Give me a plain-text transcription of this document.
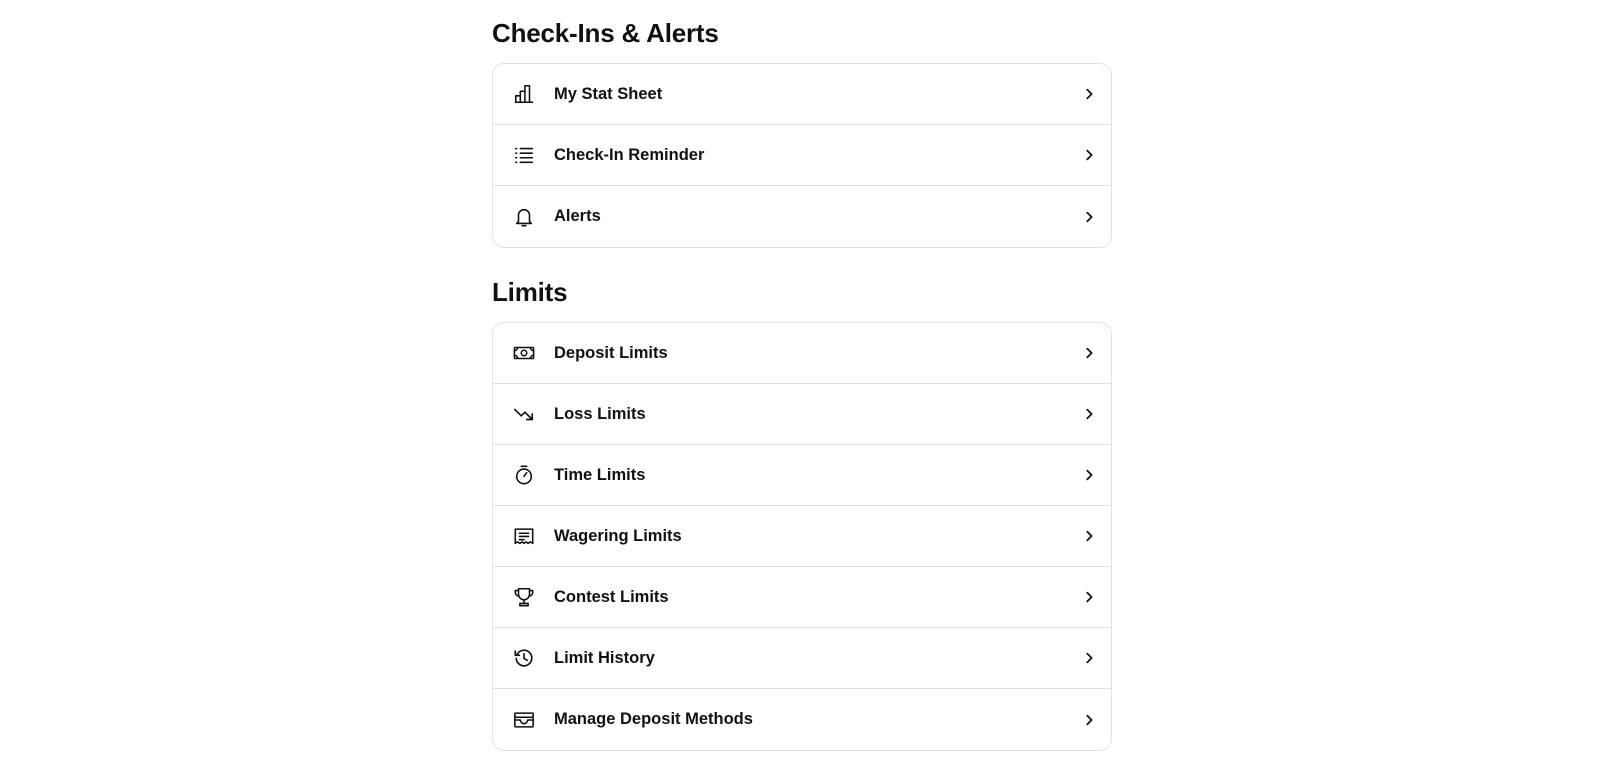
Check-Ins & Alerts
My Stat Sheet
Check-In Reminder
Alerts
Limits
Deposit Limits
Loss Limits
Time Limits
Wagering Limits
Contest Limits
Limit History
Manage Deposit Methods
